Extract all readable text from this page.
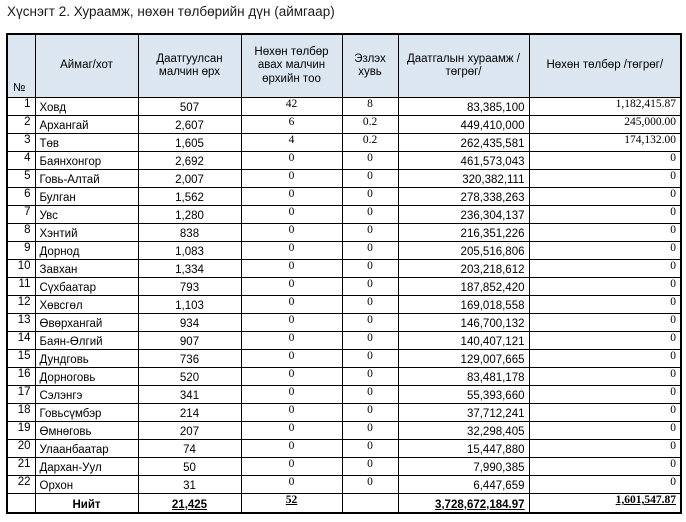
Хүснэгт 2. Хураамж, нөхөн төлбөрийн дүн (аймгаар)
№	Аймаг/хот	Даатгуулсан малчин өрх	Нөхөн төлбөр авах малчин өрхийн тоо	Эзлэх хувь	Даатгалын хураамж /төгрөг/	Нөхөн төлбөр /төгрөг/
1	Ховд	507	42	8	83,385,100	1,182,415.87
2	Архангай	2,607	6	0.2	449,410,000	245,000.00
3	Төв	1,605	4	0.2	262,435,581	174,132.00
4	Баянхонгор	2,692	0	0	461,573,043	0
5	Говь-Алтай	2,007	0	0	320,382,111	0
6	Булган	1,562	0	0	278,338,263	0
7	Увс	1,280	0	0	236,304,137	0
8	Хэнтий	838	0	0	216,351,226	0
9	Дорнод	1,083	0	0	205,516,806	0
10	Завхан	1,334	0	0	203,218,612	0
11	Сүхбаатар	793	0	0	187,852,420	0
12	Хөвсгөл	1,103	0	0	169,018,558	0
13	Өвөрхангай	934	0	0	146,700,132	0
14	Баян-Өлгий	907	0	0	140,407,121	0
15	Дундговь	736	0	0	129,007,665	0
16	Дорноговь	520	0	0	83,481,178	0
17	Сэлэнгэ	341	0	0	55,393,660	0
18	Говьсүмбэр	214	0	0	37,712,241	0
19	Өмнөговь	207	0	0	32,298,405	0
20	Улаанбаатар	74	0	0	15,447,880	0
21	Дархан-Уул	50	0	0	7,990,385	0
22	Орхон	31	0	0	6,447,659	0
	Нийт	21,425	52		3,728,672,184.97	1,601,547.87
